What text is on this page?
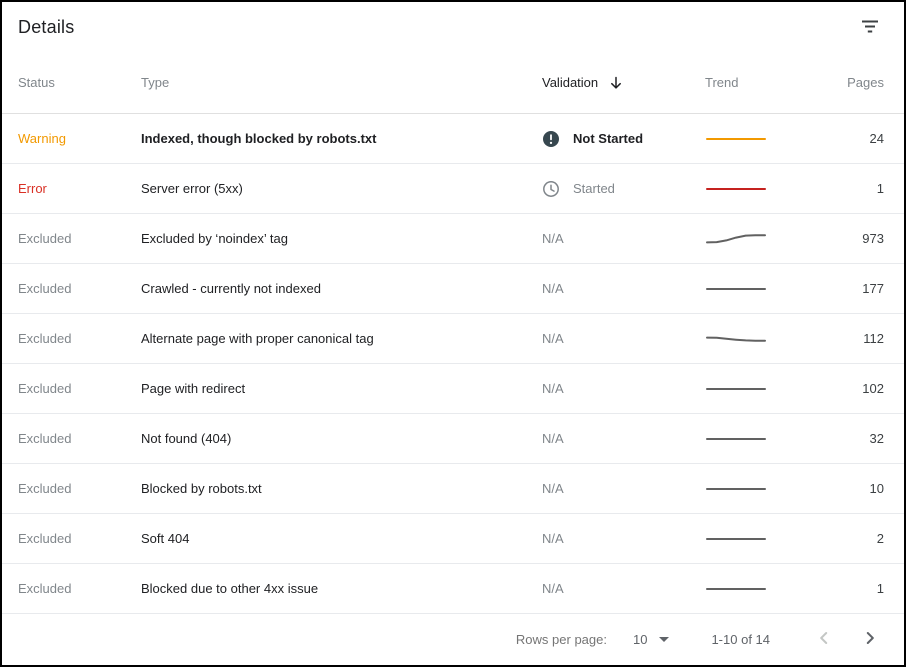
Details
Status	Type	Validation	Trend	Pages
Warning	Indexed, though blocked by robots.txt	Not Started	24
Error	Server error (5xx)	Started	1
Excluded	Excluded by ‘noindex’ tag	N/A	973
Excluded	Crawled - currently not indexed	N/A	177
Excluded	Alternate page with proper canonical tag	N/A	112
Excluded	Page with redirect	N/A	102
Excluded	Not found (404)	N/A	32
Excluded	Blocked by robots.txt	N/A	10
Excluded	Soft 404	N/A	2
Excluded	Blocked due to other 4xx issue	N/A	1
Rows per page: 10	1-10 of 14
